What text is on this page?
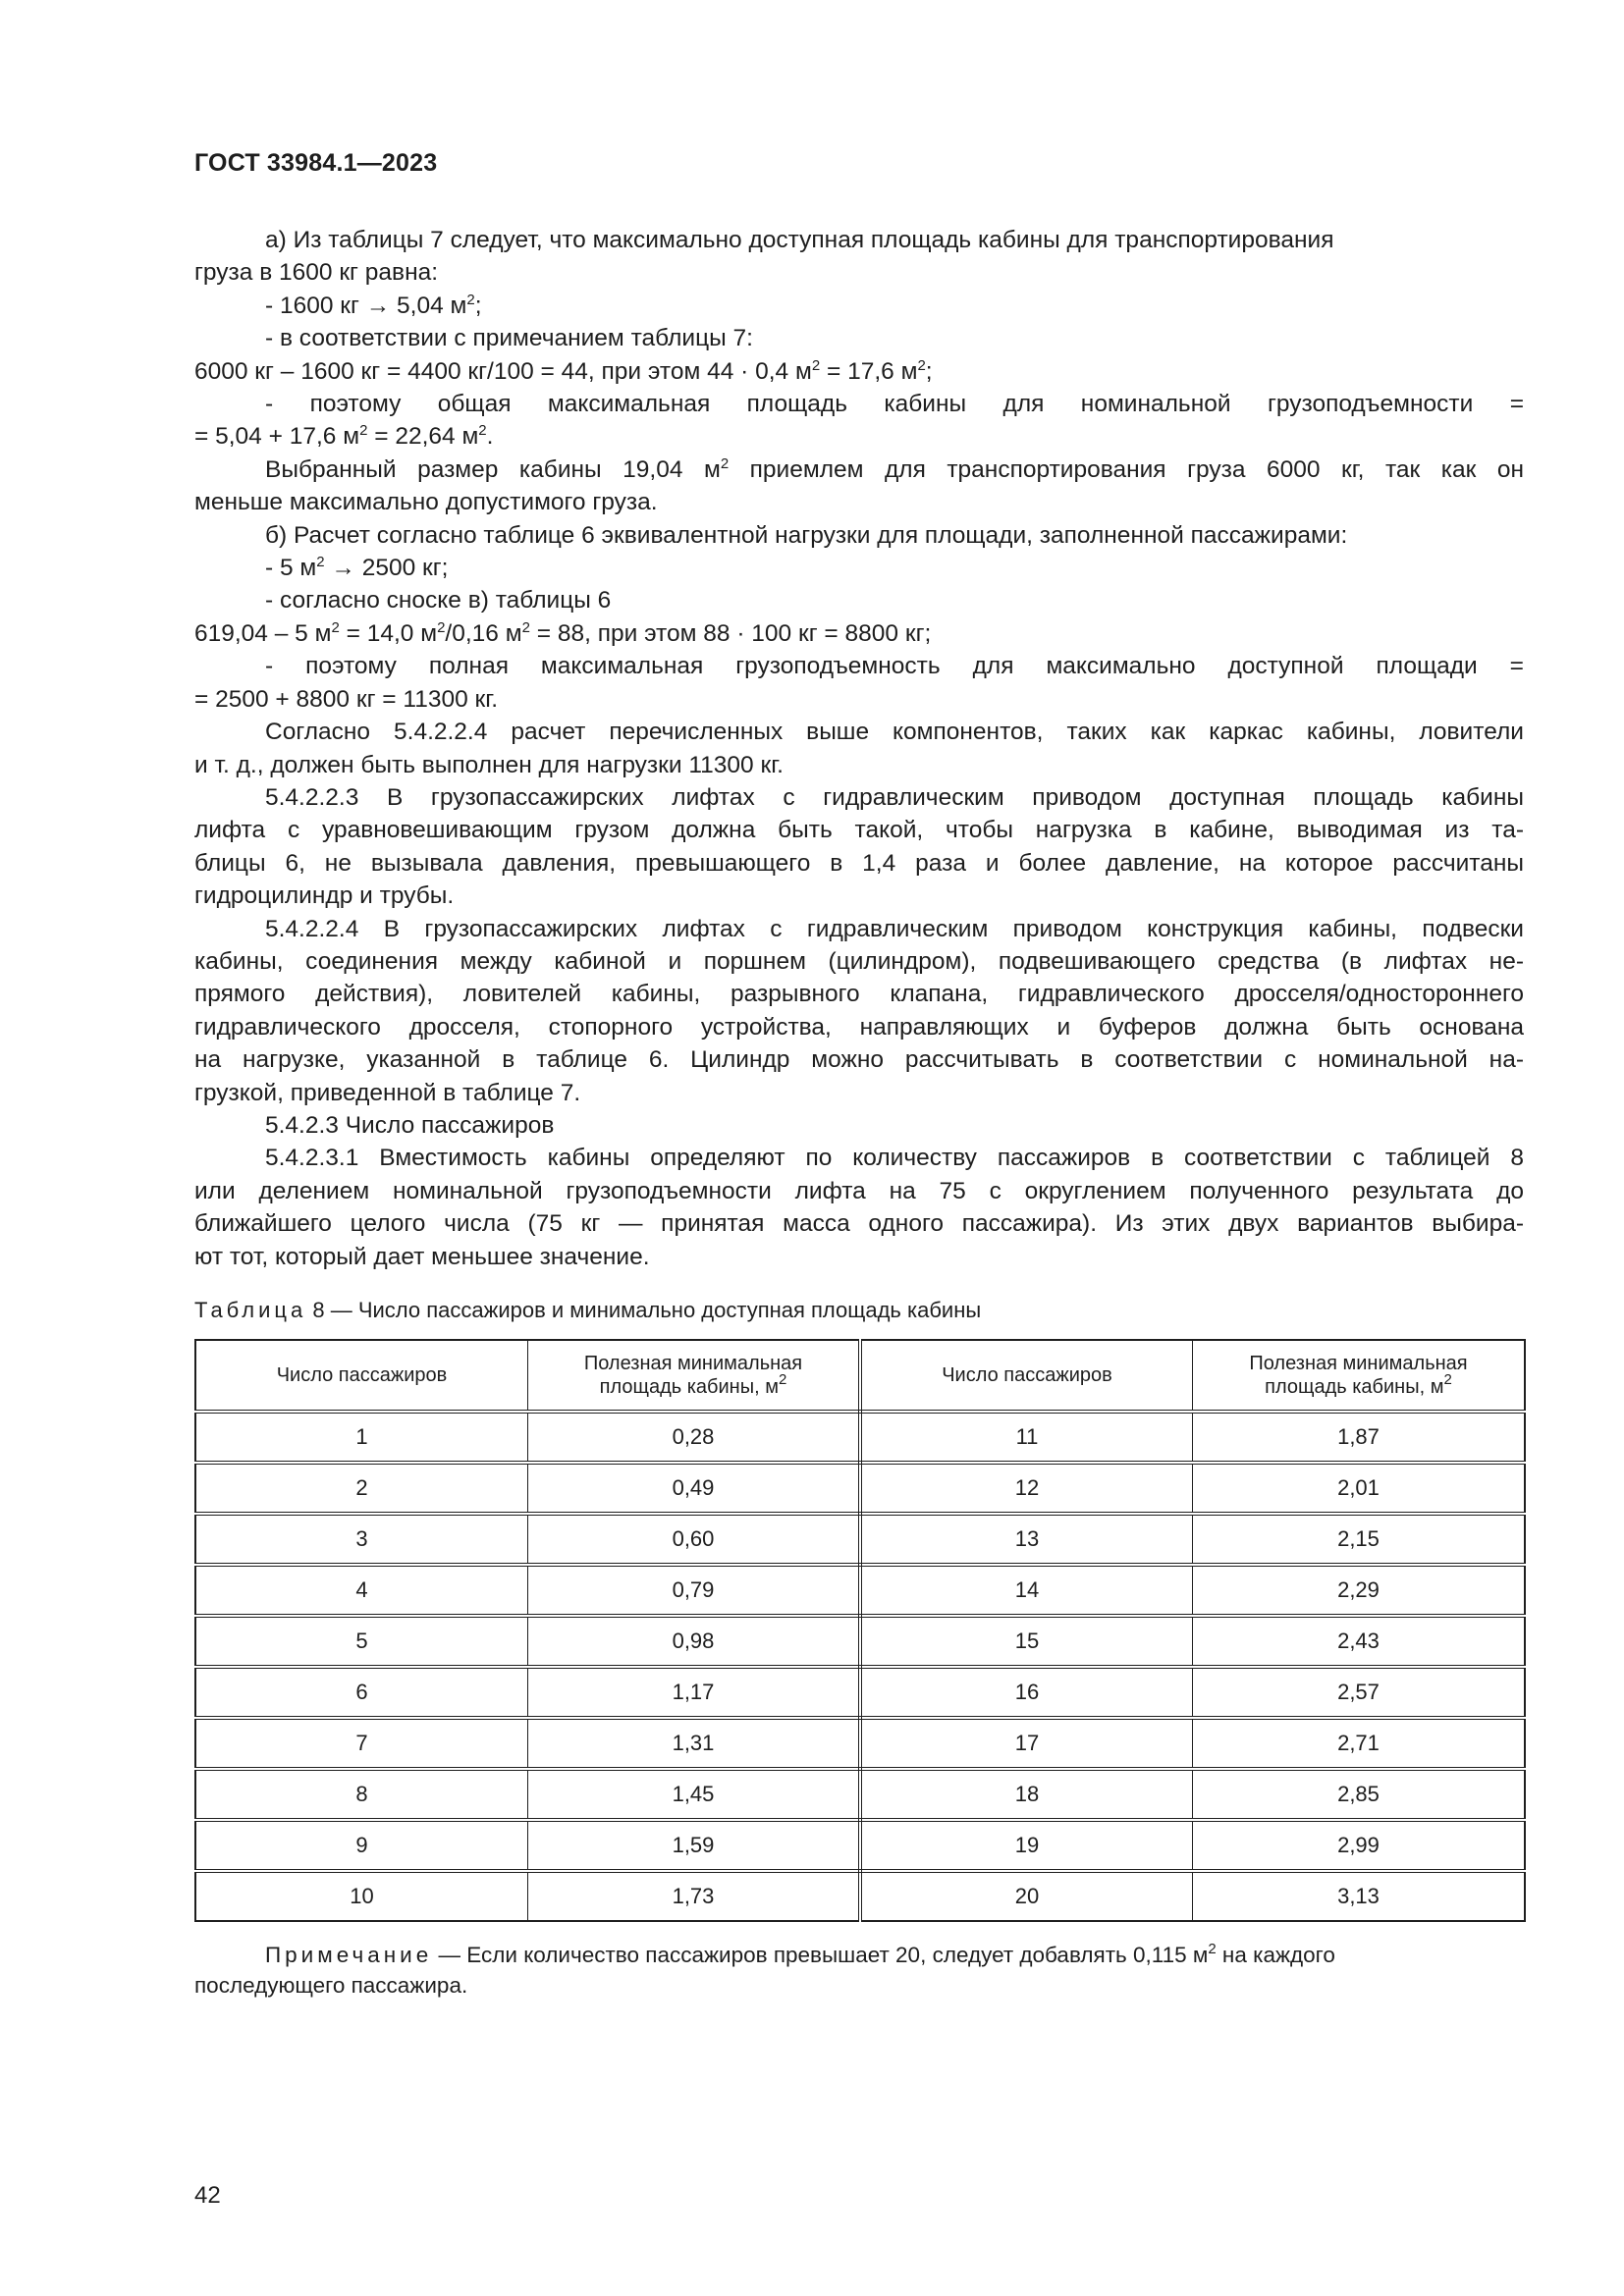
ГОСТ 33984.1—2023

а) Из таблицы 7 следует, что максимально доступная площадь кабины для транспортирования
груза в 1600 кг равна:

- 1600 кг → 5,04 $м^2$;

- в соответствии с примечанием таблицы 7:

6000 кг – 1600 кг = 4400 кг/100 = 44, при этом 44 · 0,4 $м^2 = 17,6$ $м^2$;

- поэтому общая максимальная площадь кабины для номинальной грузоподъемности =

= 5,04 + 17,6 $м^2 = 22,64$ $м^2$.

Выбранный размер кабины 19,04 $м^2$ приемлем для транспортирования груза 6000 кг, так как он

меньше максимально допустимого груза.

б) Расчет согласно таблице 6 эквивалентной нагрузки для площади, заполненной пассажирами:

- 5 $м^2 \to 2500$ кг;

- согласно сноске в) таблицы 6

619,04 – 5 $м^2 = 14,0$ $м^2/0,16$ $м^2 = 88$, при этом 88 · 100 кг = 8800 кг;

- поэтому полная максимальная грузоподъемность для максимально доступной площади =

= 2500 + 8800 кг = 11300 кг.

Согласно 5.4.2.2.4 расчет перечисленных выше компонентов, таких как каркас кабины, ловители

и т. д., должен быть выполнен для нагрузки 11300 кг.

5.4.2.2.3 В грузопассажирских лифтах с гидравлическим приводом доступная площадь кабины

лифта с уравновешивающим грузом должна быть такой, чтобы нагрузка в кабине, выводимая из та-

блицы 6, не вызывала давления, превышающего в 1,4 раза и более давление, на которое рассчитаны

гидроцилиндр и трубы.

5.4.2.2.4 В грузопассажирских лифтах с гидравлическим приводом конструкция кабины, подвески

кабины, соединения между кабиной и поршнем (цилиндром), подвешивающего средства (в лифтах не-

прямого действия), ловителей кабины, разрывного клапана, гидравлического дросселя/одностороннего

гидравлического дросселя, стопорного устройства, направляющих и буферов должна быть основана

на нагрузке, указанной в таблице 6. Цилиндр можно рассчитывать в соответствии с номинальной на-

грузкой, приведенной в таблице 7.

5.4.2.3 Число пассажиров

5.4.2.3.1 Вместимость кабины определяют по количеству пассажиров в соответствии с таблицей 8

или делением номинальной грузоподъемности лифта на 75 с округлением полученного результата до

ближайшего целого числа (75 кг — принятая масса одного пассажира). Из этих двух вариантов выбира-

ют тот, который дает меньшее значение.

Таблица 8 — Число пассажиров и минимально доступная площадь кабины
Число пассажиров	Полезная минимальная
площадь кабины, $м^2$	Число пассажиров	Полезная минимальная
площадь кабины, $м^2$
1	0,28	11	1,87
2	0,49	12	2,01
3	0,60	13	2,15
4	0,79	14	2,29
5	0,98	15	2,43
6	1,17	16	2,57
7	1,31	17	2,71
8	1,45	18	2,85
9	1,59	19	2,99
10	1,73	20	3,13
Примечание — Если количество пассажиров превышает 20, следует добавлять 0,115 $м^2$ на каждого
последующего пассажира.
42
